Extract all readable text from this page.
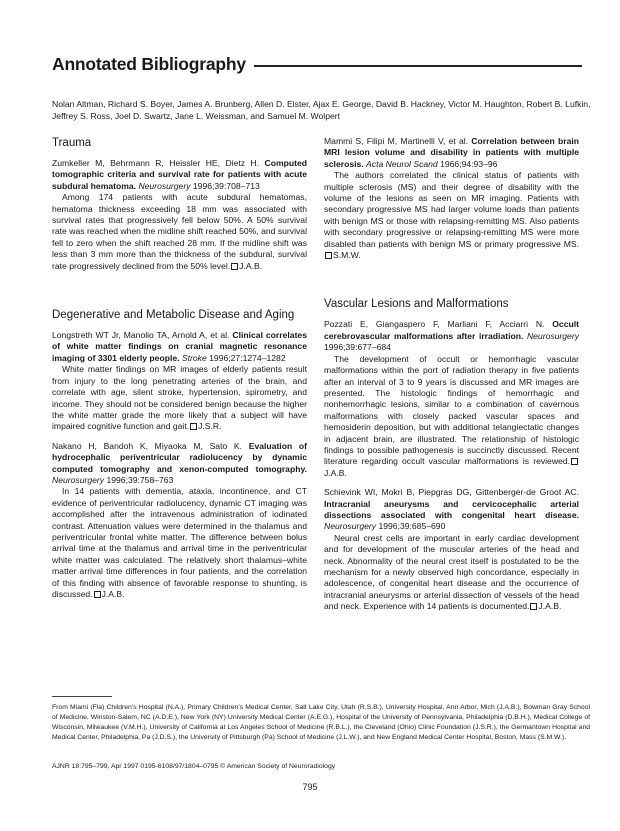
Annotated Bibliography
Nolan Altman, Richard S. Boyer, James A. Brunberg, Allen D. Elster, Ajax E. George, David B. Hackney, Victor M. Haughton, Robert B. Lufkin, Jeffrey S. Ross, Joel D. Swartz, Jane L. Weissman, and Samuel M. Wolpert
Trauma

Zumkeller M, Behrmann R, Heissler HE, Dietz H. Computed tomographic criteria and survival rate for patients with acute subdural hematoma. Neurosurgery 1996;39:708–713

Among 174 patients with acute subdural hematomas, hematoma thickness exceeding 18 mm was associated with survival rates that progressively fell below 50%. A 50% survival rate was reached when the midline shift reached 50%, and survival fell to zero when the shift reached 28 mm. If the midline shift was less than 3 mm more than the thickness of the subdural, survival rate progressively declined from the 50% level. J.A.B.

Degenerative and Metabolic Disease and Aging

Longstreth WT Jr, Manolio TA, Arnold A, et al. Clinical correlates of white matter findings on cranial magnetic resonance imaging of 3301 elderly people. Stroke 1996;27:1274–1282

White matter findings on MR images of elderly patients result from injury to the long penetrating arteries of the brain, and correlate with age, silent stroke, hypertension, spirometry, and income. They should not be considered benign because the higher the white matter grade the more likely that a subject will have impaired cognitive function and gait. J.S.R.

Nakano H, Bandoh K, Miyaoka M, Sato K. Evaluation of hydrocephalic periventricular radiolucency by dynamic computed tomography and xenon-computed tomography. Neurosurgery 1996;39:758–763

In 14 patients with dementia, ataxia, incontinence, and CT evidence of periventricular radiolucency, dynamic CT imaging was accomplished after the intravenous administration of iodinated contrast. Attenuation values were determined in the thalamus and periventricular frontal white matter. The difference between bolus arrival time at the thalamus and arrival time in the periventricular white matter was calculated. The relatively short thalamus–white matter arrival time differences in four patients, and the correlation of this finding with absence of favorable response to shunting, is discussed. J.A.B.

Mammi S, Filipi M, Martinelli V, et al. Correlation between brain MRI lesion volume and disability in patients with multiple sclerosis. Acta Neurol Scand 1966;94:93–96

The authors correlated the clinical status of patients with multiple sclerosis (MS) and their degree of disability with the volume of the lesions as seen on MR imaging. Patients with secondary progressive MS had larger volume loads than patients with benign MS or those with relapsing-remitting MS. Also patients with secondary progressive or relapsing-remitting MS were more disabled than patients with benign MS or primary progressive MS.S.M.W.

Vascular Lesions and Malformations

Pozzati E, Giangaspero F, Marliani F, Acciarri N. Occult cerebrovascular malformations after irradiation. Neurosurgery 1996;39:677–684

The development of occult or hemorrhagic vascular malformations within the port of radiation therapy in five patients after an interval of 3 to 9 years is discussed and MR images are presented. The histologic findings of hemorrhagic and nonhemorrhagic lesions, similar to a combination of cavernous malformations with closely packed vascular spaces and hemosiderin deposition, but with additional telangiectatic changes in adjacent brain, are illustrated. The relationship of histologic findings to possible pathogenesis is succinctly discussed. Recent literature regarding occult vascular malformations is reviewed.J.A.B.

Schievink WI, Mokri B, Piepgras DG, Gittenberger-de Groot AC. Intracranial aneurysms and cervicocephalic arterial dissections associated with congenital heart disease. Neurosurgery 1996;39:685–690

Neural crest cells are important in early cardiac development and for development of the muscular arteries of the head and neck. Abnormality of the neural crest itself is postulated to be the mechanism for a newly observed high concordance, especially in adolescence, of congenital heart disease and the occurrence of intracranial aneurysms or arterial dissection of vessels of the head and neck. Experience with 14 patients is documented. J.A.B.

From Miami (Fla) Children’s Hospital (N.A.), Primary Children’s Medical Center, Salt Lake City, Utah (R.S.B.), University Hospital, Ann Arbor, Mich (J.A.B.), Bowman Gray School of Medicine, Winston-Salem, NC (A.D.E.), New York (NY) University Medical Center (A.E.G.), Hospital of the University of Pennsylvania, Philadelphia (D.B.H.), Medical College of Wisconsin, Milwaukee (V.M.H.), University of California at Los Angeles School of Medicine (R.B.L.), the Cleveland (Ohio) Clinic Foundation (J.S.R.), the Germantown Hospital and Medical Center, Philadelphia, Pa (J.D.S.), the University of Pittsburgh (Pa) School of Medicine (J.L.W.), and New England Medical Center Hospital, Boston, Mass (S.M.W.).
AJNR 18:795–799, Apr 1997 0195-6108/97/1804–0795 © American Society of Neuroradiology
795
